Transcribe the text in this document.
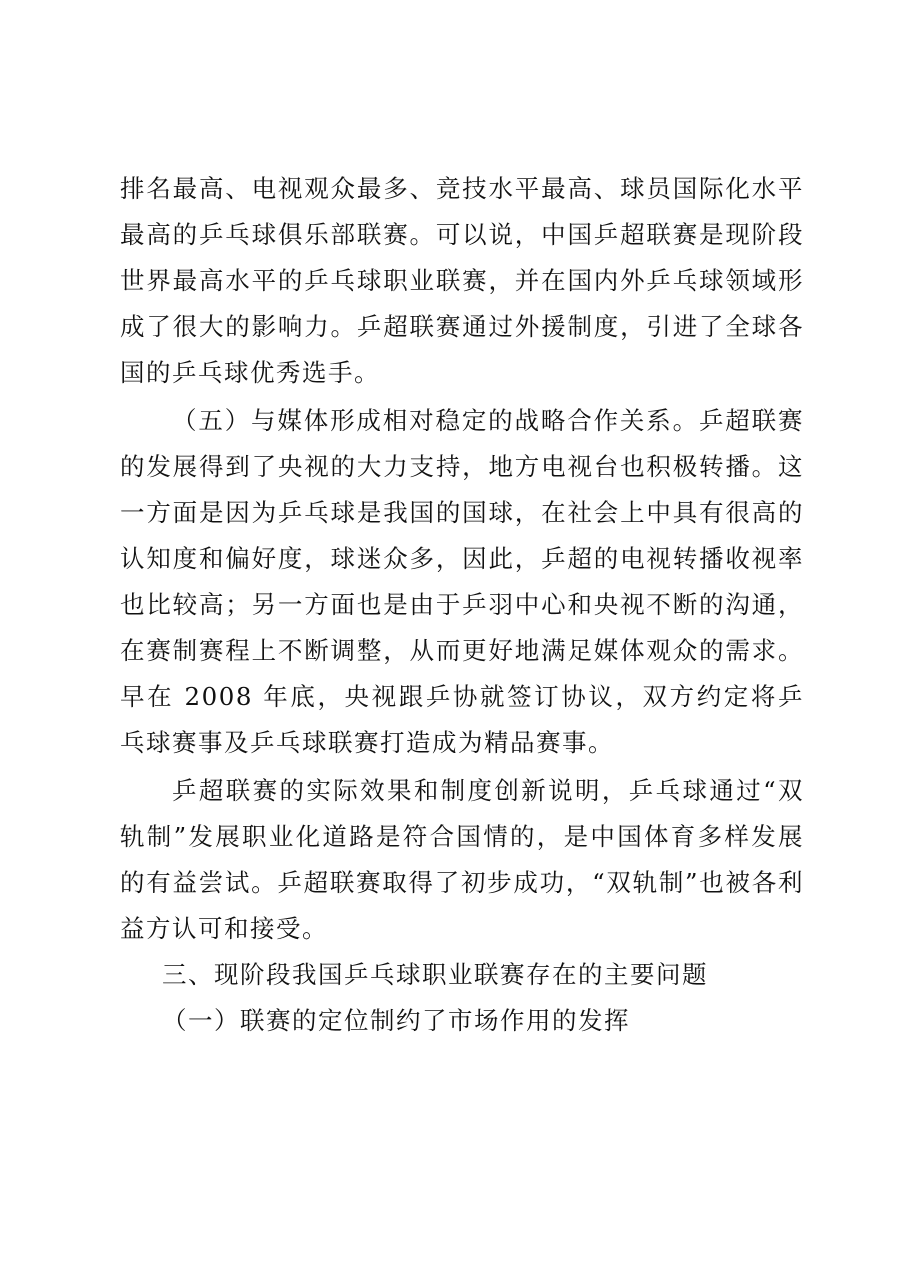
排名最高、电视观众最多、竞技水平最高、球员国际化水平最高的乒乓球俱乐部联赛。可以说，中国乒超联赛是现阶段世界最高水平的乒乓球职业联赛，并在国内外乒乓球领域形成了很大的影响力。乒超联赛通过外援制度，引进了全球各国的乒乓球优秀选手。

（五）与媒体形成相对稳定的战略合作关系。乒超联赛的发展得到了央视的大力支持，地方电视台也积极转播。这一方面是因为乒乓球是我国的国球，在社会上中具有很高的认知度和偏好度，球迷众多，因此，乒超的电视转播收视率也比较高；另一方面也是由于乒羽中心和央视不断的沟通，在赛制赛程上不断调整，从而更好地满足媒体观众的需求。早在 2008 年底，央视跟乒协就签订协议，双方约定将乒乓球赛事及乒乓球联赛打造成为精品赛事。

乒超联赛的实际效果和制度创新说明，乒乓球通过“双轨制”发展职业化道路是符合国情的，是中国体育多样发展的有益尝试。乒超联赛取得了初步成功，“双轨制”也被各利益方认可和接受。

三、现阶段我国乒乓球职业联赛存在的主要问题

（一）联赛的定位制约了市场作用的发挥
